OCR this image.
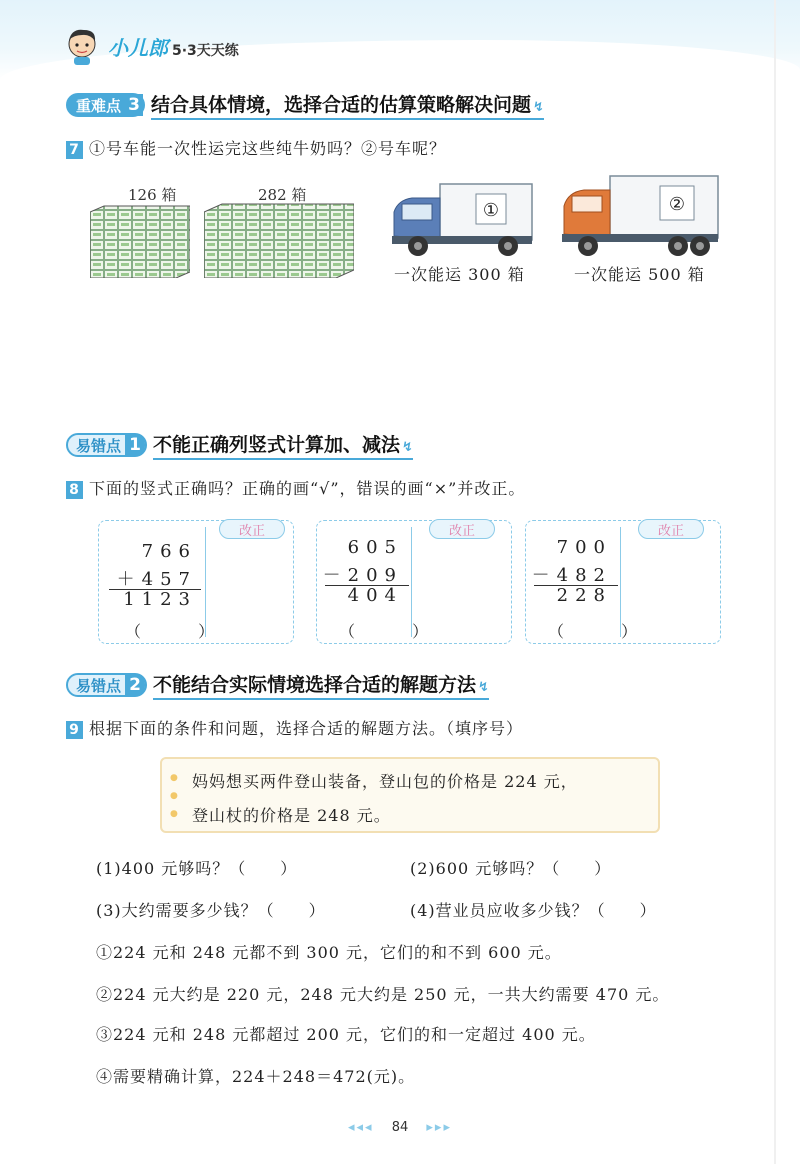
小儿郎 5·3天天练
重难点 3 结合具体情境，选择合适的估算策略解决问题 ↯
7 ①号车能一次性运完这些纯牛奶吗？②号车呢？
126 箱	282 箱
①	②
一次能运 300 箱	一次能运 500 箱
易错点 1 不能正确列竖式计算加、减法 ↯
8 下面的竖式正确吗？正确的画“√”，错误的画“×”并改正。
改正
766
＋457
1123
（ ）
改正
605
－209
404
（ ）
改正
700
－482
228
（ ）
易错点 2 不能结合实际情境选择合适的解题方法 ↯
9 根据下面的条件和问题，选择合适的解题方法。（填序号）
●
●
●
妈妈想买两件登山装备，登山包的价格是 224 元，
登山杖的价格是 248 元。
(1)400 元够吗？（　　）	(2)600 元够吗？（　　）
(3)大约需要多少钱？（　　）	(4)营业员应收多少钱？（　　）
①224 元和 248 元都不到 300 元，它们的和不到 600 元。
②224 元大约是 220 元，248 元大约是 250 元，一共大约需要 470 元。
③224 元和 248 元都超过 200 元，它们的和一定超过 400 元。
④需要精确计算，224＋248＝472(元)。
◂◂◂ 84 ▸▸▸
